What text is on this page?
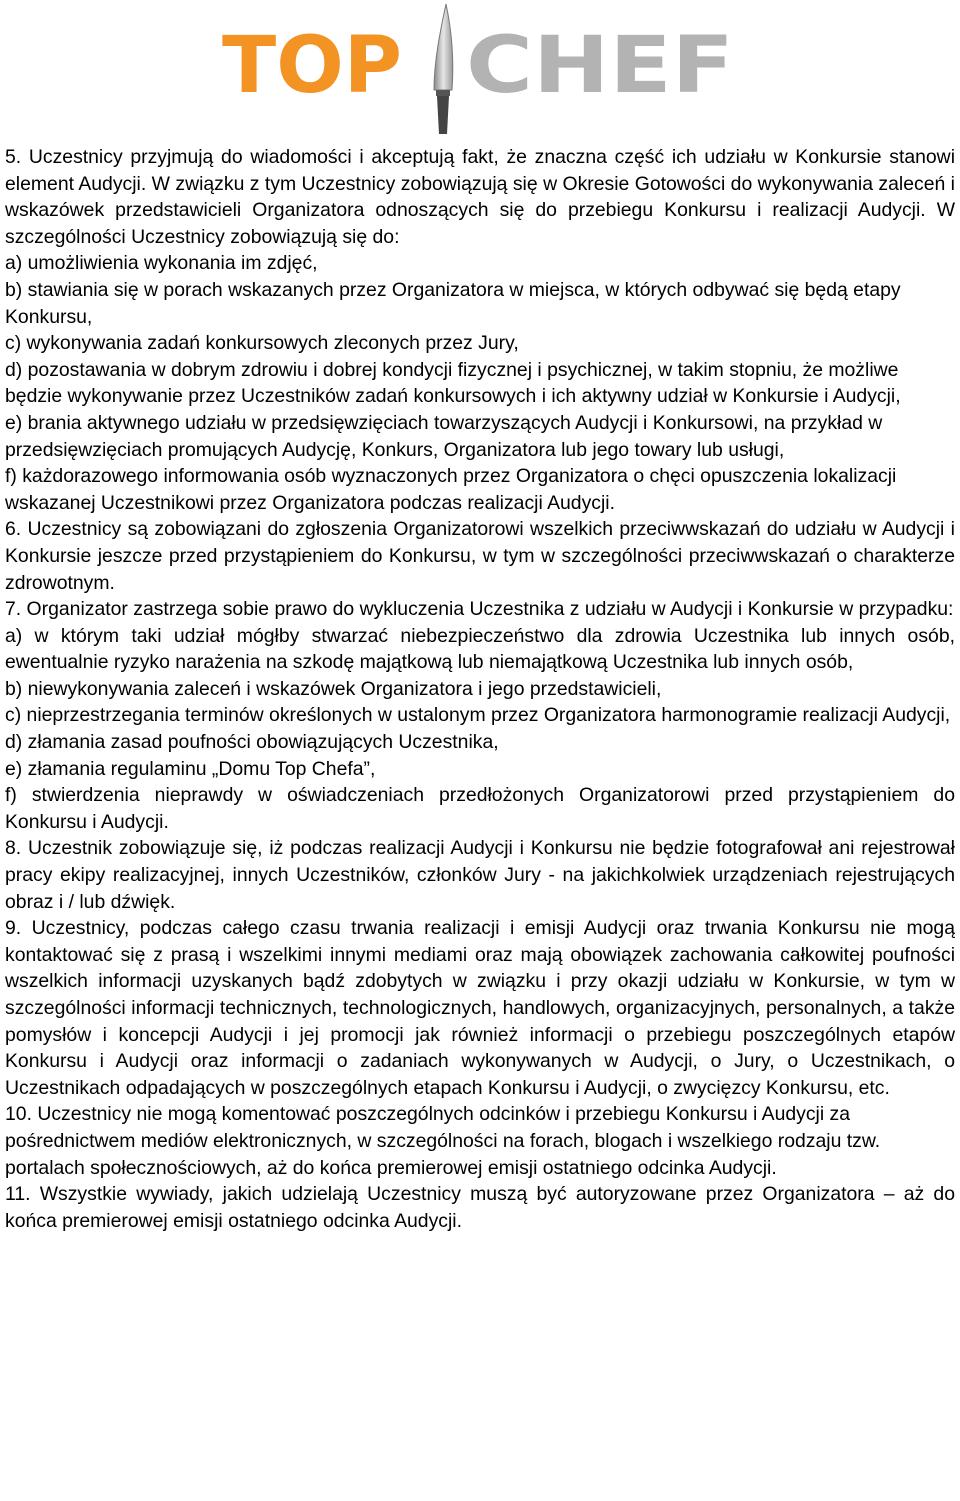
TOP CHEF

5. Uczestnicy przyjmują do wiadomości i akceptują fakt, że znaczna część ich udziału w Konkursie stanowi element Audycji. W związku z tym Uczestnicy zobowiązują się w Okresie Gotowości do wykonywania zaleceń i wskazówek przedstawicieli Organizatora odnoszących się do przebiegu Konkursu i realizacji Audycji. W szczególności Uczestnicy zobowiązują się do:

a) umożliwienia wykonania im zdjęć,

b) stawiania się w porach wskazanych przez Organizatora w miejsca, w których odbywać się będą etapy Konkursu,

c) wykonywania zadań konkursowych zleconych przez Jury,

d) pozostawania w dobrym zdrowiu i dobrej kondycji fizycznej i psychicznej, w takim stopniu, że możliwe będzie wykonywanie przez Uczestników zadań konkursowych i ich aktywny udział w Konkursie i Audycji,

e) brania aktywnego udziału w przedsięwzięciach towarzyszących Audycji i Konkursowi, na przykład w przedsięwzięciach promujących Audycję, Konkurs, Organizatora lub jego towary lub usługi,

f) każdorazowego informowania osób wyznaczonych przez Organizatora o chęci opuszczenia lokalizacji wskazanej Uczestnikowi przez Organizatora podczas realizacji Audycji.

6. Uczestnicy są zobowiązani do zgłoszenia Organizatorowi wszelkich przeciwwskazań do udziału w Audycji i Konkursie jeszcze przed przystąpieniem do Konkursu, w tym w szczególności przeciwwskazań o charakterze zdrowotnym.

7. Organizator zastrzega sobie prawo do wykluczenia Uczestnika z udziału w Audycji i Konkursie w przypadku:

a) w którym taki udział mógłby stwarzać niebezpieczeństwo dla zdrowia Uczestnika lub innych osób, ewentualnie ryzyko narażenia na szkodę majątkową lub niemajątkową Uczestnika lub innych osób,

b) niewykonywania zaleceń i wskazówek Organizatora i jego przedstawicieli,

c) nieprzestrzegania terminów określonych w ustalonym przez Organizatora harmonogramie realizacji Audycji,

d) złamania zasad poufności obowiązujących Uczestnika,

e) złamania regulaminu „Domu Top Chefa”,

f) stwierdzenia nieprawdy w oświadczeniach przedłożonych Organizatorowi przed przystąpieniem do Konkursu i Audycji.

8. Uczestnik zobowiązuje się, iż podczas realizacji Audycji i Konkursu nie będzie fotografował ani rejestrował pracy ekipy realizacyjnej, innych Uczestników, członków Jury - na jakichkolwiek urządzeniach rejestrujących obraz i / lub dźwięk.

9. Uczestnicy, podczas całego czasu trwania realizacji i emisji Audycji oraz trwania Konkursu nie mogą kontaktować się z prasą i wszelkimi innymi mediami oraz mają obowiązek zachowania całkowitej poufności wszelkich informacji uzyskanych bądź zdobytych w związku i przy okazji udziału w Konkursie, w tym w szczególności informacji technicznych, technologicznych, handlowych, organizacyjnych, personalnych, a także pomysłów i koncepcji Audycji i jej promocji jak również informacji o przebiegu poszczególnych etapów Konkursu i Audycji oraz informacji o zadaniach wykonywanych w Audycji, o Jury, o Uczestnikach, o Uczestnikach odpadających w poszczególnych etapach Konkursu i Audycji, o zwycięzcy Konkursu, etc.

10. Uczestnicy nie mogą komentować poszczególnych odcinków i przebiegu Konkursu i Audycji za pośrednictwem mediów elektronicznych, w szczególności na forach, blogach i wszelkiego rodzaju tzw. portalach społecznościowych, aż do końca premierowej emisji ostatniego odcinka Audycji.

11. Wszystkie wywiady, jakich udzielają Uczestnicy muszą być autoryzowane przez Organizatora – aż do końca premierowej emisji ostatniego odcinka Audycji.
